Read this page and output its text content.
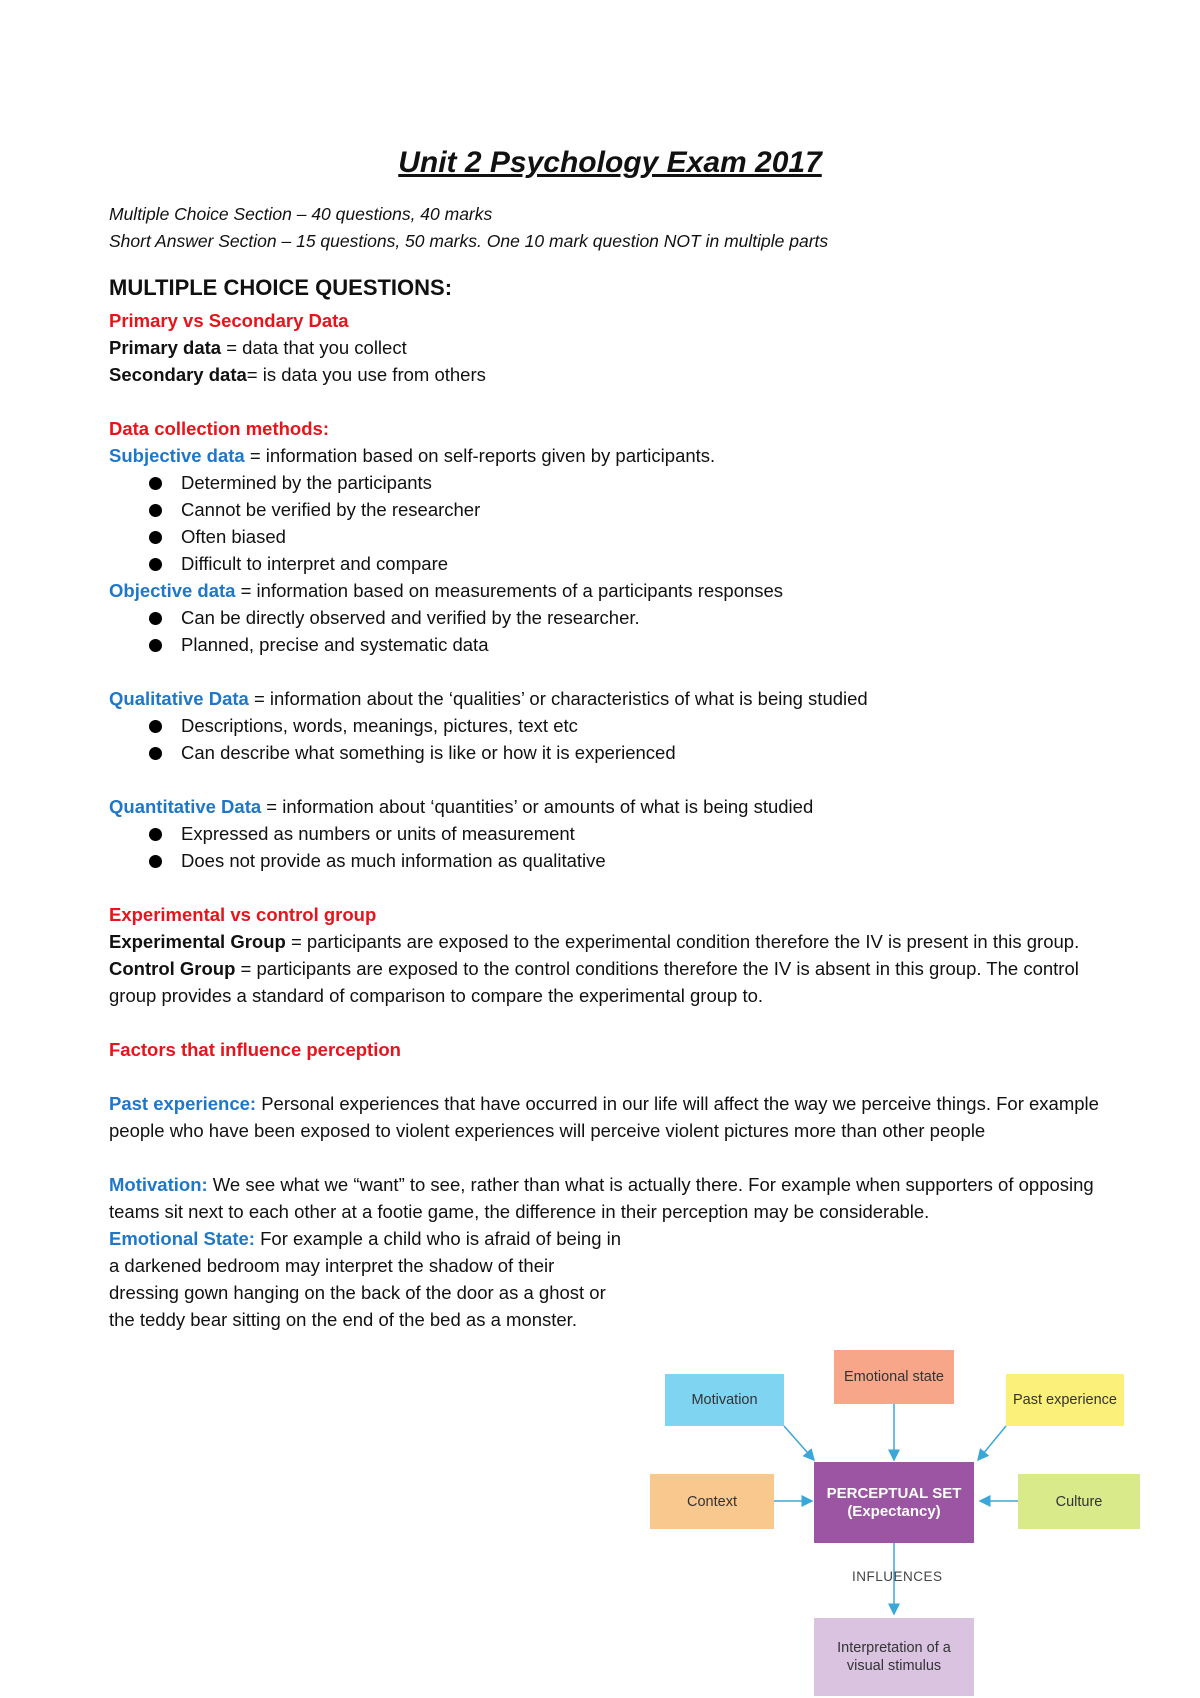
Unit 2 Psychology Exam 2017

Multiple Choice Section – 40 questions, 40 marks

Short Answer Section – 15 questions, 50 marks. One 10 mark question NOT in multiple parts

MULTIPLE CHOICE QUESTIONS:

Primary vs Secondary Data

Primary data = data that you collect

Secondary data= is data you use from others

Data collection methods:

Subjective data = information based on self-reports given by participants.

Determined by the participants
Cannot be verified by the researcher
Often biased
Difficult to interpret and compare

Objective data = information based on measurements of a participants responses

Can be directly observed and verified by the researcher.
Planned, precise and systematic data

Qualitative Data = information about the ‘qualities’ or characteristics of what is being studied

Descriptions, words, meanings, pictures, text etc
Can describe what something is like or how it is experienced

Quantitative Data = information about ‘quantities’ or amounts of what is being studied

Expressed as numbers or units of measurement
Does not provide as much information as qualitative

Experimental vs control group

Experimental Group = participants are exposed to the experimental condition therefore the IV is present in this group.

Control Group = participants are exposed to the control conditions therefore the IV is absent in this group. The control group provides a standard of comparison to compare the experimental group to.

Factors that influence perception

Past experience: Personal experiences that have occurred in our life will affect the way we perceive things. For example people who have been exposed to violent experiences will perceive violent pictures more than other people

Motivation: We see what we “want” to see, rather than what is actually there. For example when supporters of opposing teams sit next to each other at a footie game, the difference in their perception may be considerable.

Emotional State: For example a child who is afraid of being in a darkened bedroom may interpret the shadow of their dressing gown hanging on the back of the door as a ghost or the teddy bear sitting on the end of the bed as a monster.

Motivation
Emotional state
Past experience
Context	PERCEPTUAL SET
(Expectancy)
Culture
INFLUENCES
Interpretation of a
visual stimulus
